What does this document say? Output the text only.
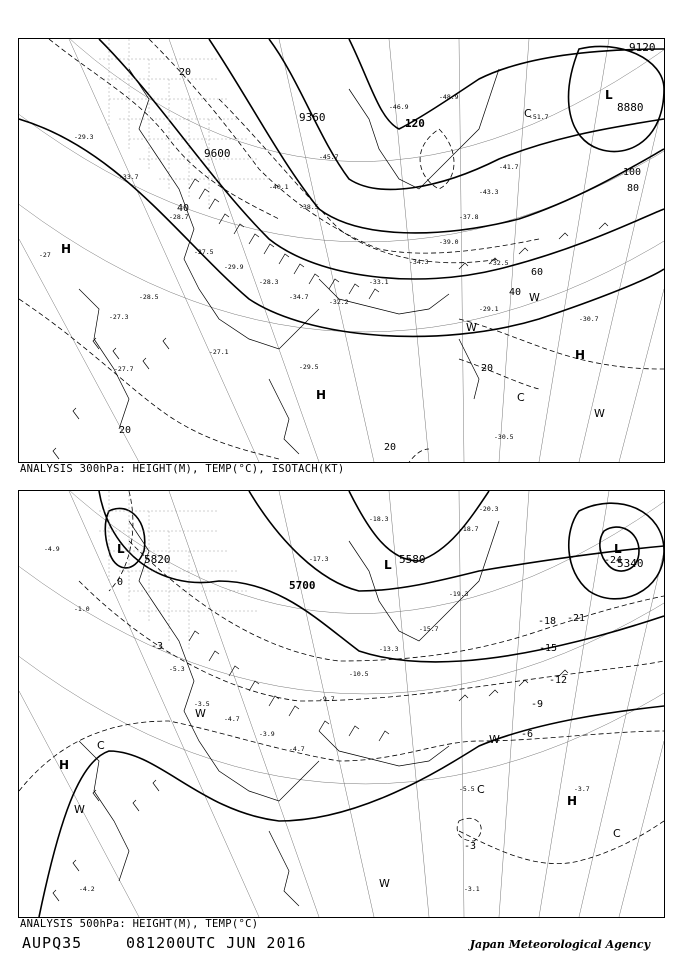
-28.7
-27.5
-29.9
-28.3
-34.7
-32.2
-33.1
-34.3
-39.0
-37.8
-43.3
-41.7
-40.1
-38.5
-45.7
-46.9
-48.9
-51.7
-28.5
-27.3
-29.5
-29.3
-33.7
9600
9360
9120
8880
20
20
20
20
40
40
60
80
100
120
-27
-29.1
-30.5
-30.7
-32.5
-27.1
-27.7
H
H
H
L
C
C
W
W
W
ANALYSIS 300hPa: HEIGHT(M), TEMP(°C), ISOTACH(KT)
-5.3
-3.5
-4.7
-3.9
-4.7
-9.7
-10.5
-13.3
-15.7
-19.3
-18.7
-20.3
-5.5	-3.7
-3.1
-4.2
-1.0
-4.9
-17.3
-18.3
5820
5700
5580	5340
-3
-6
-9
-12
-15
-18 -21
-24
0
-3
L
L
L
H
H
C
C
C
W
W
W
W
ANALYSIS 500hPa: HEIGHT(M), TEMP(°C)
AUPQ35	081200UTC JUN 2016	Japan Meteorological Agency
